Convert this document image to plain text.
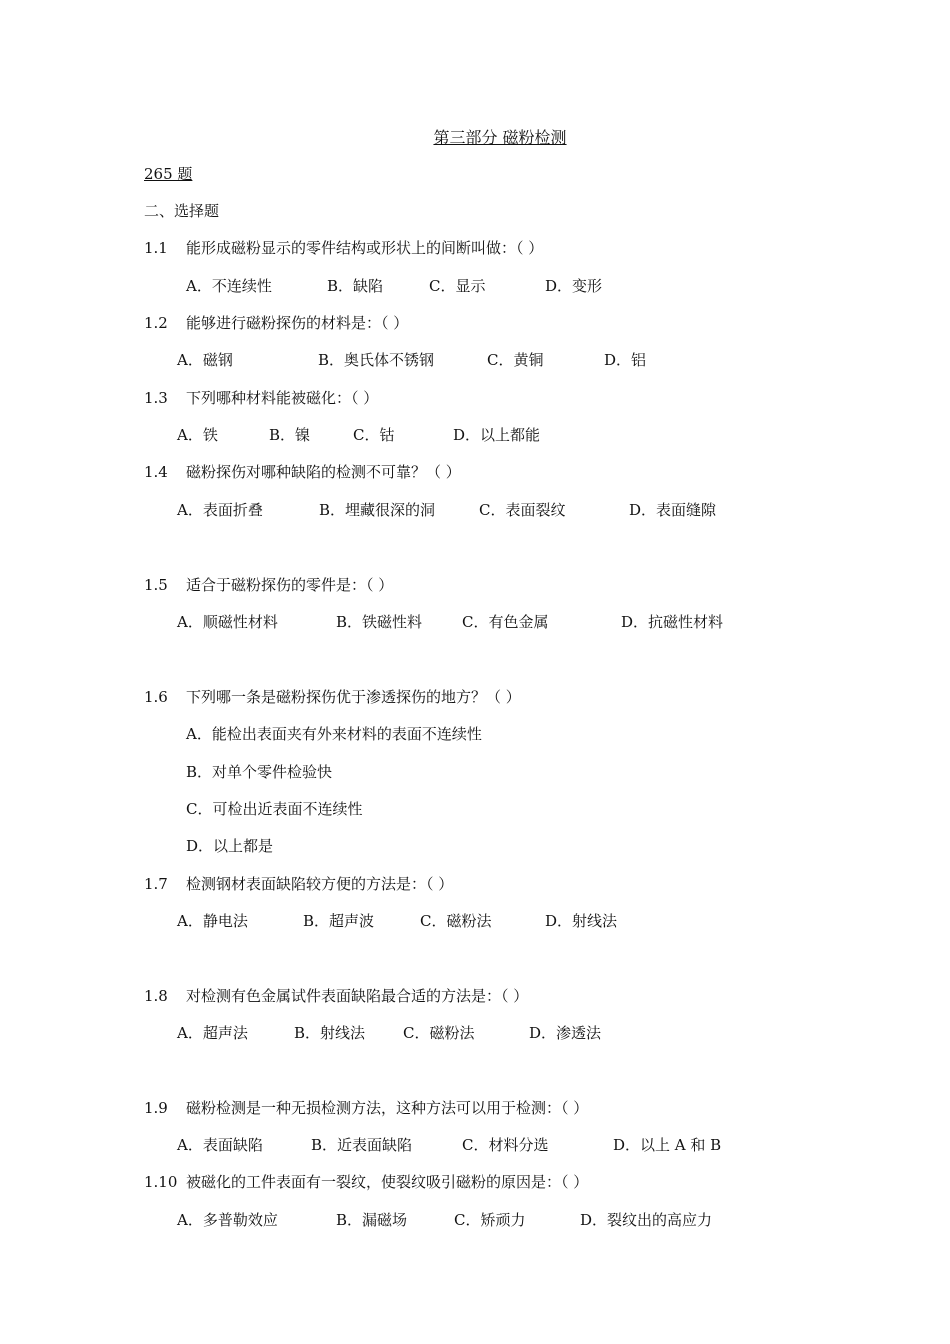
第三部分 磁粉检测
265 题
二、选择题
1.1 能形成磁粉显示的零件结构或形状上的间断叫做：（ ）
A．不连续性	B．缺陷	C．显示	D．变形
1.2 能够进行磁粉探伤的材料是：（ ）
A．磁钢	B．奥氏体不锈钢	C．黄铜	D．铝
1.3 下列哪种材料能被磁化：（ ）
A．铁	B．镍	C．钴	D．以上都能
1.4 磁粉探伤对哪种缺陷的检测不可靠？（ ）
A．表面折叠	B．埋藏很深的洞	C．表面裂纹	D．表面缝隙
1.5 适合于磁粉探伤的零件是：（ ）
A．顺磁性材料	B．铁磁性料	C．有色金属	D．抗磁性材料
1.6 下列哪一条是磁粉探伤优于渗透探伤的地方？（ ）
A．能检出表面夹有外来材料的表面不连续性
B．对单个零件检验快
C．可检出近表面不连续性
D．以上都是
1.7 检测钢材表面缺陷较方便的方法是：（ ）
A．静电法	B．超声波	C．磁粉法	D．射线法
1.8 对检测有色金属试件表面缺陷最合适的方法是：（ ）
A．超声法	B．射线法	C．磁粉法	D．渗透法
1.9 磁粉检测是一种无损检测方法，这种方法可以用于检测：（ ）
A．表面缺陷	B．近表面缺陷	C．材料分选	D．以上 A 和 B
1.10 被磁化的工件表面有一裂纹，使裂纹吸引磁粉的原因是：（ ）
A．多普勒效应	B．漏磁场	C．矫顽力	D．裂纹出的高应力
